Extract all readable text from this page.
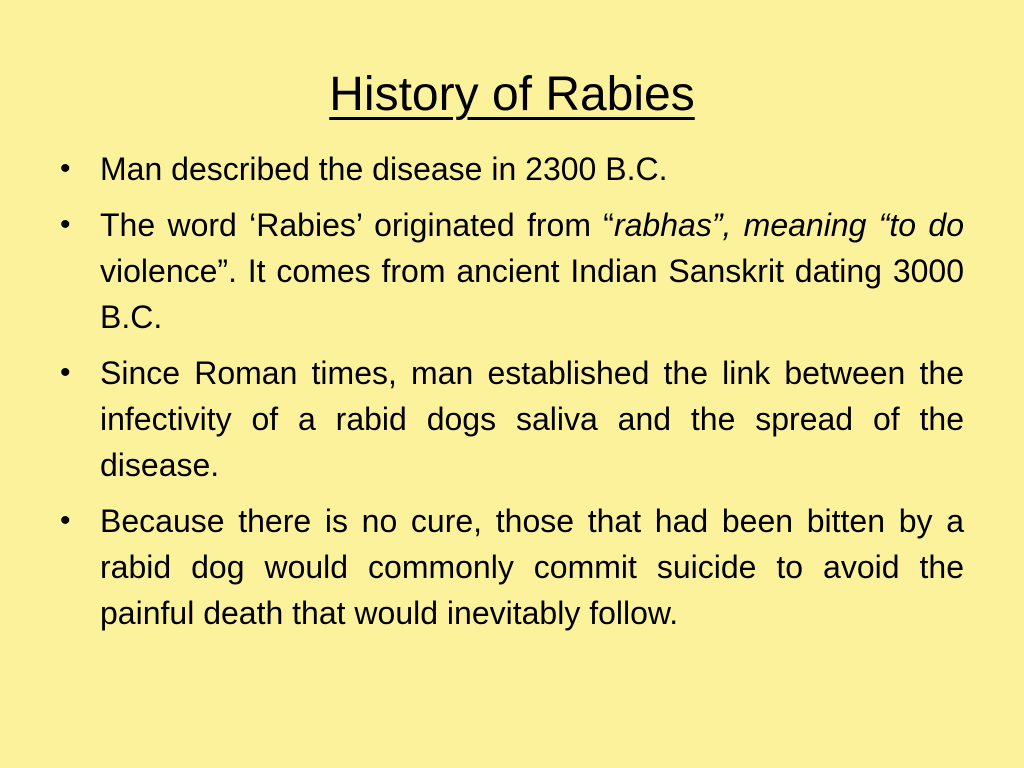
History of Rabies
• Man described the disease in 2300 B.C.
• The word ‘Rabies’ originated from “rabhas”, meaning “to do violence”. It comes from ancient Indian Sanskrit dating 3000 B.C.
• Since Roman times, man established the link between the infectivity of a rabid dogs saliva and the spread of the disease.
• Because there is no cure, those that had been bitten by a rabid dog would commonly commit suicide to avoid the painful death that would inevitably follow.
